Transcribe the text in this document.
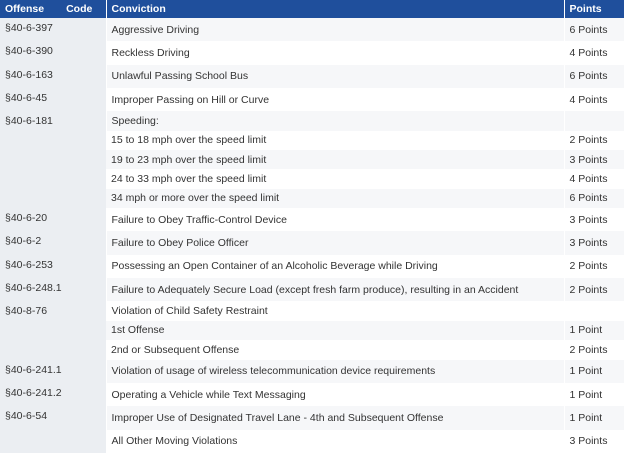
Offense Code	Conviction	Points
§40-6-397	Aggressive Driving	6 Points
§40-6-390	Reckless Driving	4 Points
§40-6-163	Unlawful Passing School Bus	6 Points
§40-6-45	Improper Passing on Hill or Curve	4 Points
§40-6-181	Speeding:	
	15 to 18 mph over the speed limit	2 Points
	19 to 23 mph over the speed limit	3 Points
	24 to 33 mph over the speed limit	4 Points
	34 mph or more over the speed limit	6 Points
§40-6-20	Failure to Obey Traffic-Control Device	3 Points
§40-6-2	Failure to Obey Police Officer	3 Points
§40-6-253	Possessing an Open Container of an Alcoholic Beverage while Driving	2 Points
§40-6-248.1	Failure to Adequately Secure Load (except fresh farm produce), resulting in an Accident	2 Points
§40-8-76	Violation of Child Safety Restraint	
	1st Offense	1 Point
	2nd or Subsequent Offense	2 Points
§40-6-241.1	Violation of usage of wireless telecommunication device requirements	1 Point
§40-6-241.2	Operating a Vehicle while Text Messaging	1 Point
§40-6-54	Improper Use of Designated Travel Lane - 4th and Subsequent Offense	1 Point
	All Other Moving Violations	3 Points
